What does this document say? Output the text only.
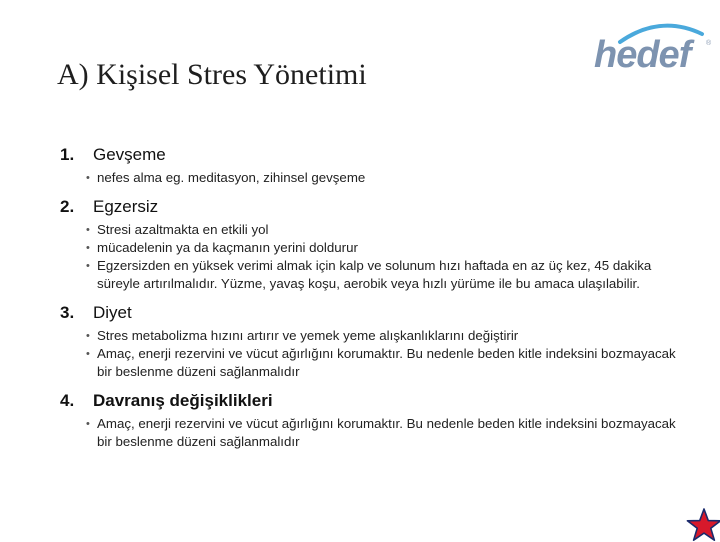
A) Kişisel Stres Yönetimi	hedef ®
1.	Gevşeme
• nefes alma eg. meditasyon, zihinsel gevşeme
2.	Egzersiz
• Stresi azaltmakta en etkili yol
• mücadelenin ya da kaçmanın yerini doldurur
• Egzersizden en yüksek verimi almak için kalp ve solunum hızı haftada en az üç kez, 45 dakika süreyle artırılmalıdır. Yüzme, yavaş koşu, aerobik veya hızlı yürüme ile bu amaca ulaşılabilir.
3.	Diyet
• Stres metabolizma hızını artırır ve yemek yeme alışkanlıklarını değiştirir
• Amaç, enerji rezervini ve vücut ağırlığını korumaktır. Bu nedenle beden kitle indeksini bozmayacak bir beslenme düzeni sağlanmalıdır
4.	Davranış değişiklikleri
• Amaç, enerji rezervini ve vücut ağırlığını korumaktır. Bu nedenle beden kitle indeksini bozmayacak bir beslenme düzeni sağlanmalıdır
